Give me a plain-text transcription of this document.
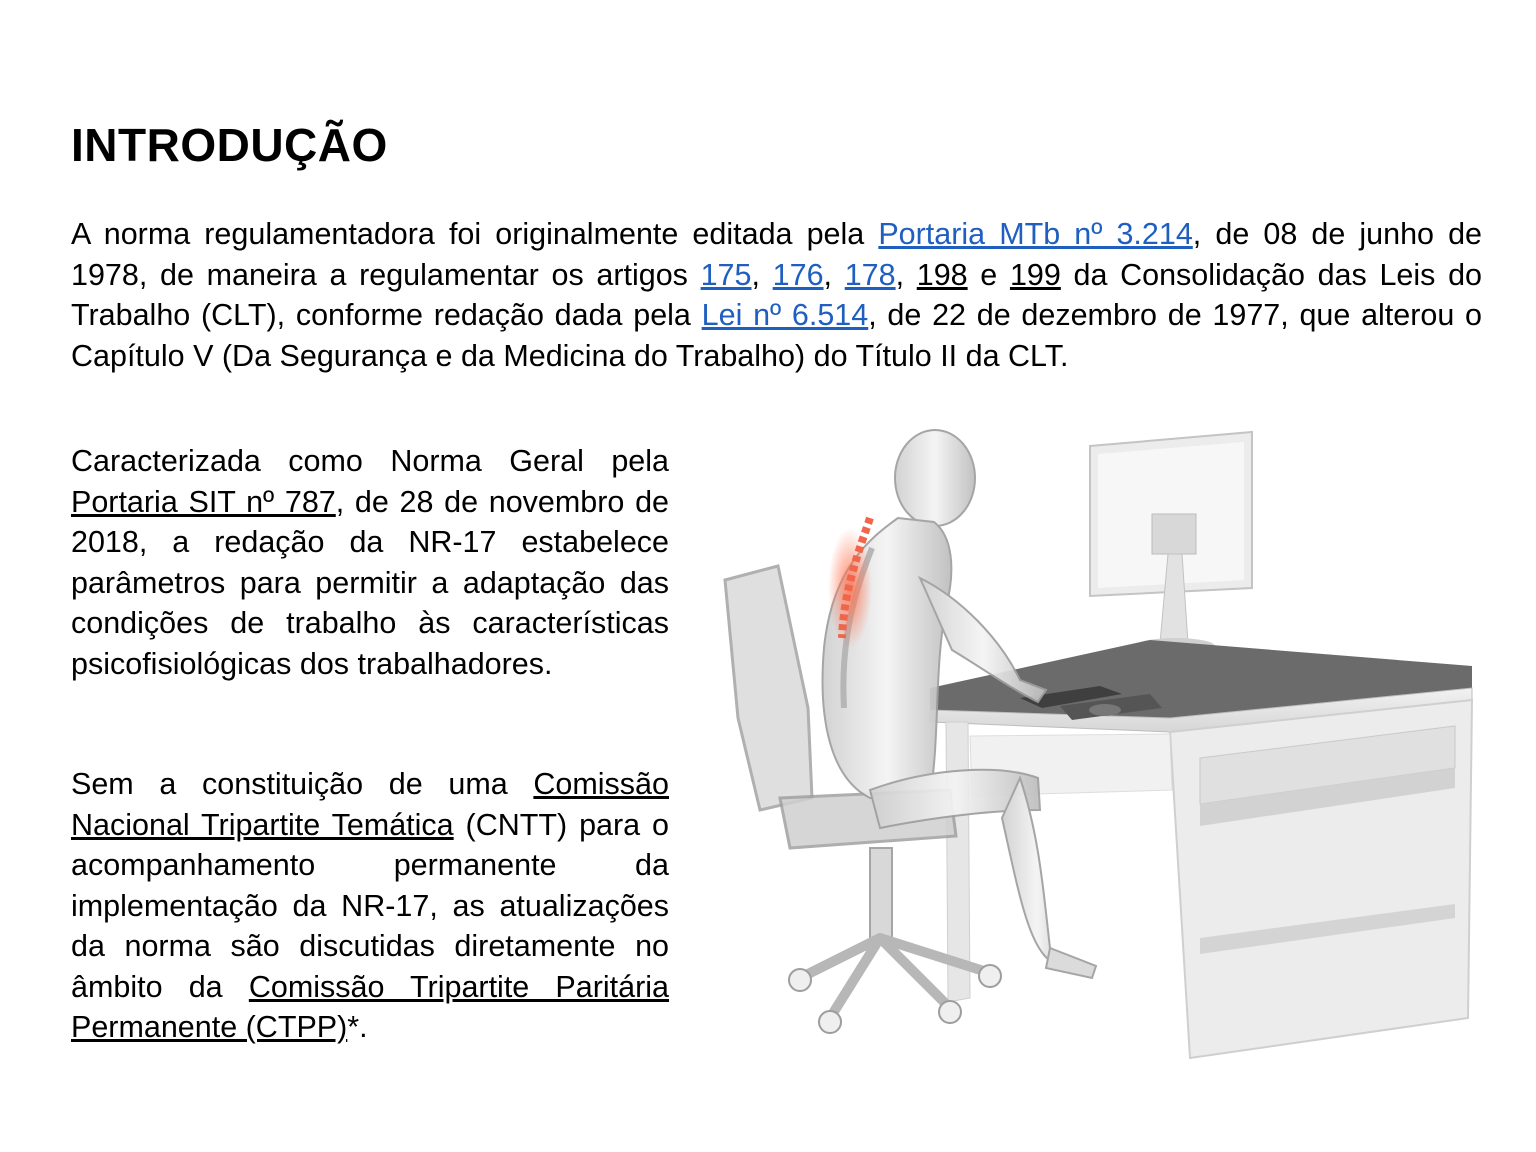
INTRODUÇÃO

A norma regulamentadora foi originalmente editada pela Portaria MTb nº 3.214, de 08 de junho de 1978, de maneira a regulamentar os artigos 175, 176, 178, 198 e 199 da Consolidação das Leis do Trabalho (CLT), conforme redação dada pela Lei nº 6.514, de 22 de dezembro de 1977, que alterou o Capítulo V (Da Segurança e da Medicina do Trabalho) do Título II da CLT.

Caracterizada como Norma Geral pela Portaria SIT nº 787, de 28 de novembro de 2018, a redação da NR-17 estabelece parâmetros para permitir a adaptação das condições de trabalho às características psicofisiológicas dos trabalhadores.

Sem a constituição de uma Comissão Nacional Tripartite Temática (CNTT) para o acompanhamento permanente da implementação da NR-17, as atualizações da norma são discutidas diretamente no âmbito da Comissão Tripartite Paritária Permanente (CTPP)*.
